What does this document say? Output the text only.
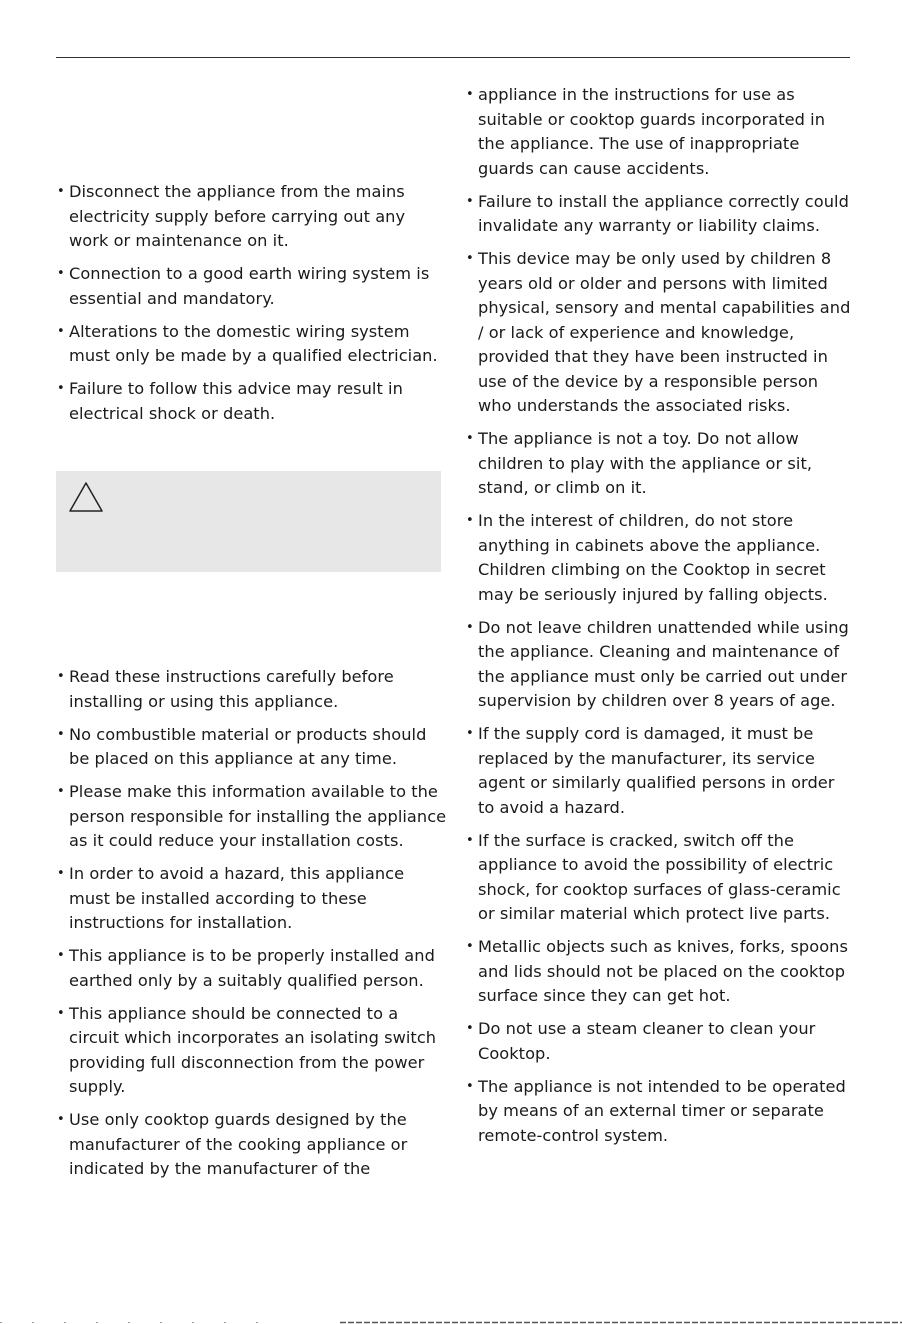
• Disconnect the appliance from the mains electricity supply before carrying out any work or maintenance on it.
• Connection to a good earth wiring system is essential and mandatory.
• Alterations to the domestic wiring system must only be made by a qualified electrician.
• Failure to follow this advice may result in electrical shock or death.
• Read these instructions carefully before installing or using this appliance.
• No combustible material or products should be placed on this appliance at any time.
• Please make this information available to the person responsible for installing the appliance as it could reduce your installation costs.
• In order to avoid a hazard, this appliance must be installed according to these instructions for installation.
• This appliance is to be properly installed and earthed only by a suitably qualified person.
• This appliance should be connected to a circuit which incorporates an isolating switch providing full disconnection from the power supply.
• Use only cooktop guards designed by the manufacturer of the cooking appliance or indicated by the manufacturer of the
• appliance in the instructions for use as suitable or cooktop guards incorporated in the appliance. The use of inappropriate guards can cause accidents.
• Failure to install the appliance correctly could invalidate any warranty or liability claims.
• This device may be only used by children 8 years old or older and persons with limited physical, sensory and mental capabilities and / or lack of experience and knowledge, provided that they have been instructed in use of the device by a responsible person who understands the associated risks.
• The appliance is not a toy. Do not allow children to play with the appliance or sit, stand, or climb on it.
• In the interest of children, do not store anything in cabinets above the appliance. Children climbing on the Cooktop in secret may be seriously injured by falling objects.
• Do not leave children unattended while using the appliance. Cleaning and maintenance of the appliance must only be carried out under supervision by children over 8 years of age.
• If the supply cord is damaged, it must be replaced by the manufacturer, its service agent or similarly qualified persons in order to avoid a hazard.
• If the surface is cracked, switch off the appliance to avoid the possibility of electric shock, for cooktop surfaces of glass-ceramic or similar material which protect live parts.
• Metallic objects such as knives, forks, spoons and lids should not be placed on the cooktop surface since they can get hot.
• Do not use a steam cleaner to clean your Cooktop.
• The appliance is not intended to be operated by means of an external timer or separate remote-control system.
